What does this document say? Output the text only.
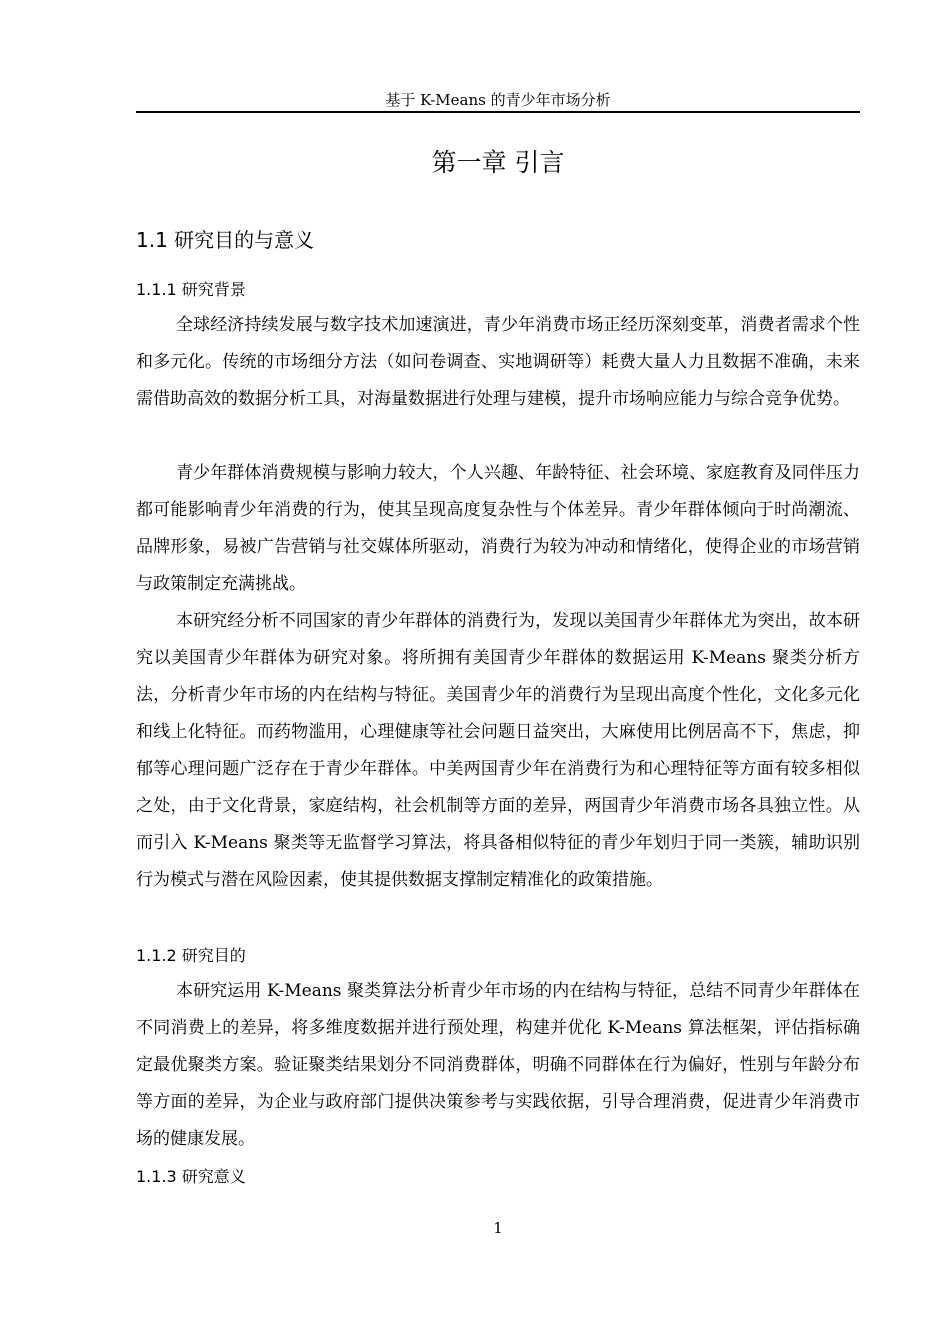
基于 K-Means 的青少年市场分析
第一章 引言
1.1 研究目的与意义
1.1.1 研究背景

全球经济持续发展与数字技术加速演进，青少年消费市场正经历深刻变革，消费者需求个性和多元化。传统的市场细分方法（如问卷调查、实地调研等）耗费大量人力且数据不准确，未来需借助高效的数据分析工具，对海量数据进行处理与建模，提升市场响应能力与综合竞争优势。

青少年群体消费规模与影响力较大，个人兴趣、年龄特征、社会环境、家庭教育及同伴压力都可能影响青少年消费的行为，使其呈现高度复杂性与个体差异。青少年群体倾向于时尚潮流、品牌形象，易被广告营销与社交媒体所驱动，消费行为较为冲动和情绪化，使得企业的市场营销与政策制定充满挑战。

本研究经分析不同国家的青少年群体的消费行为，发现以美国青少年群体尤为突出，故本研究以美国青少年群体为研究对象。将所拥有美国青少年群体的数据运用 K-Means 聚类分析方法，分析青少年市场的内在结构与特征。美国青少年的消费行为呈现出高度个性化，文化多元化和线上化特征。而药物滥用，心理健康等社会问题日益突出，大麻使用比例居高不下，焦虑，抑郁等心理问题广泛存在于青少年群体。中美两国青少年在消费行为和心理特征等方面有较多相似之处，由于文化背景，家庭结构，社会机制等方面的差异，两国青少年消费市场各具独立性。从而引入 K-Means 聚类等无监督学习算法，将具备相似特征的青少年划归于同一类簇，辅助识别行为模式与潜在风险因素，使其提供数据支撑制定精准化的政策措施。

1.1.2 研究目的

本研究运用 K-Means 聚类算法分析青少年市场的内在结构与特征，总结不同青少年群体在不同消费上的差异，将多维度数据并进行预处理，构建并优化 K-Means 算法框架，评估指标确定最优聚类方案。验证聚类结果划分不同消费群体，明确不同群体在行为偏好，性别与年龄分布等方面的差异，为企业与政府部门提供决策参考与实践依据，引导合理消费，促进青少年消费市场的健康发展。

1.1.3 研究意义
1
